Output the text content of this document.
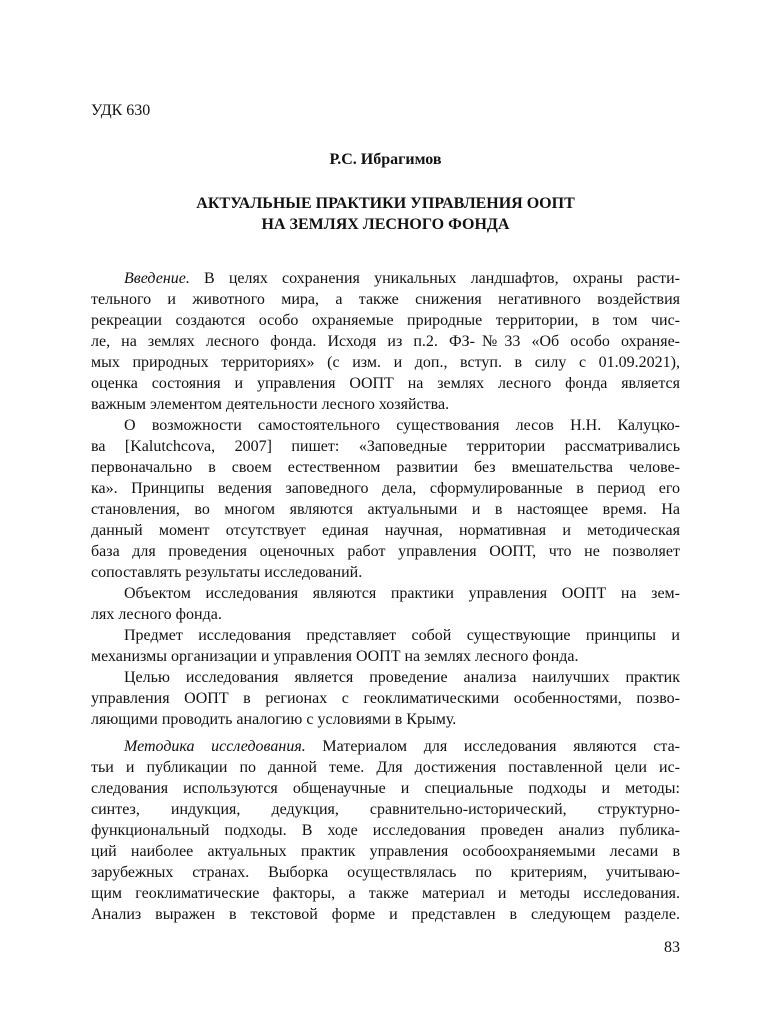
УДК 630
Р.С. Ибрагимов
АКТУАЛЬНЫЕ ПРАКТИКИ УПРАВЛЕНИЯ ООПТ
НА ЗЕМЛЯХ ЛЕСНОГО ФОНДА
Введение. В целях сохранения уникальных ландшафтов, охраны расти-
тельного и животного мира, а также снижения негативного воздействия
рекреации создаются особо охраняемые природные территории, в том чис-
ле, на землях лесного фонда. Исходя из п.2. ФЗ-№33 «Об особо охраняе-
мых природных территориях» (с изм. и доп., вступ. в силу с 01.09.2021),
оценка состояния и управления ООПТ на землях лесного фонда является
важным элементом деятельности лесного хозяйства.
О возможности самостоятельного существования лесов Н.Н. Калуцко-
ва [Kalutchcova, 2007] пишет: «Заповедные территории рассматривались
первоначально в своем естественном развитии без вмешательства челове-
ка». Принципы ведения заповедного дела, сформулированные в период его
становления, во многом являются актуальными и в настоящее время. На
данный момент отсутствует единая научная, нормативная и методическая
база для проведения оценочных работ управления ООПТ, что не позволяет
сопоставлять результаты исследований.
Объектом исследования являются практики управления ООПТ на зем-
лях лесного фонда.
Предмет исследования представляет собой существующие принципы и
механизмы организации и управления ООПТ на землях лесного фонда.
Целью исследования является проведение анализа наилучших практик
управления ООПТ в регионах с геоклиматическими особенностями, позво-
ляющими проводить аналогию с условиями в Крыму.
Методика исследования. Материалом для исследования являются ста-
тьи и публикации по данной теме. Для достижения поставленной цели ис-
следования используются общенаучные и специальные подходы и методы:
синтез, индукция, дедукция, сравнительно-исторический, структурно-
функциональный подходы. В ходе исследования проведен анализ публика-
ций наиболее актуальных практик управления особоохраняемыми лесами в
зарубежных странах. Выборка осуществлялась по критериям, учитываю-
щим геоклиматические факторы, а также материал и методы исследования.
Анализ выражен в текстовой форме и представлен в следующем разделе.
83
